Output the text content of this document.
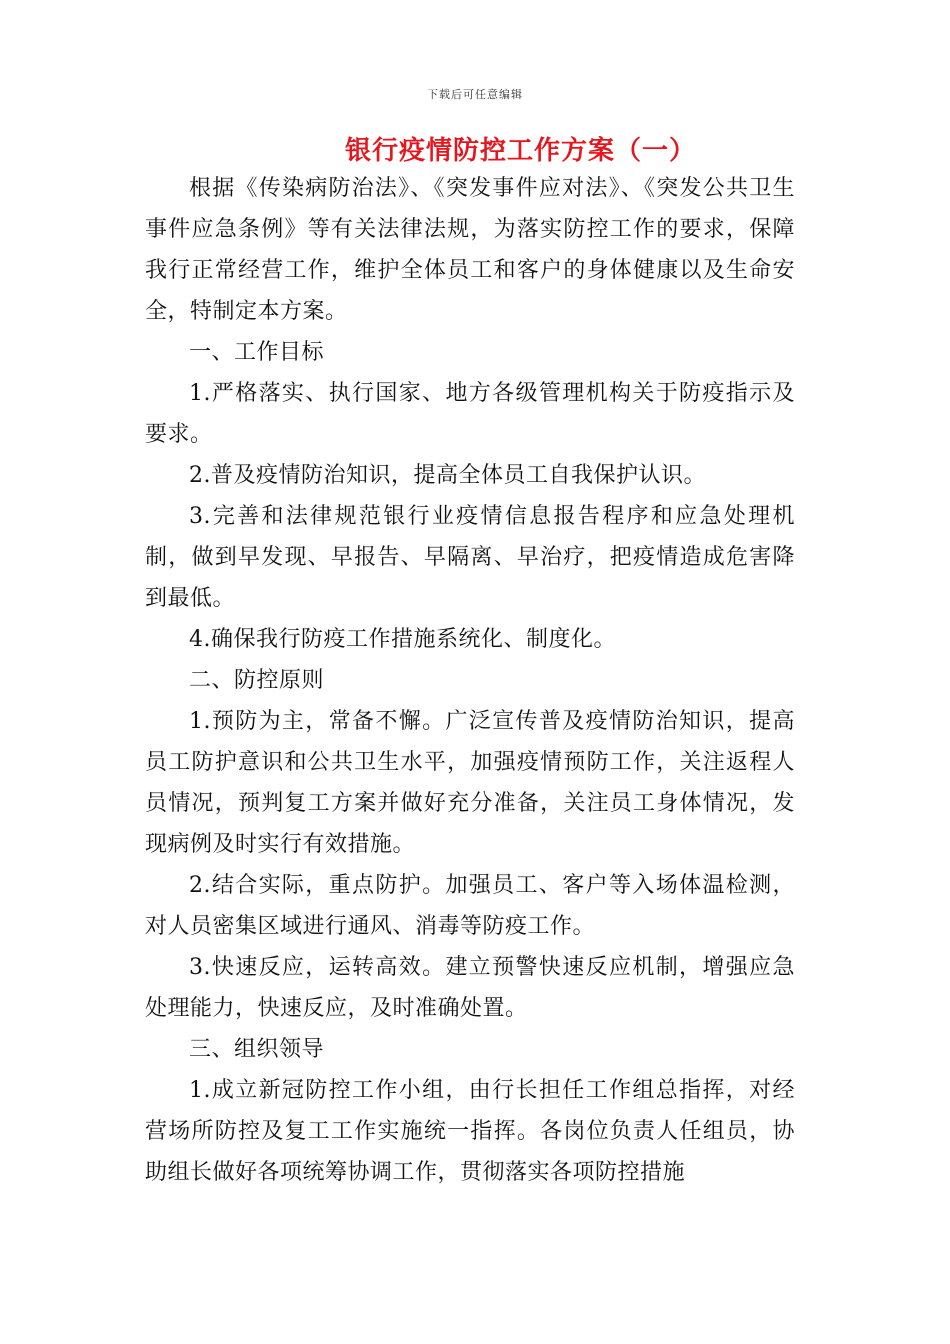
下载后可任意编辑
银行疫情防控工作方案（一）

根据《传染病防治法》、《突发事件应对法》、《突发公共卫生事件应急条例》等有关法律法规，为落实防控工作的要求，保障我行正常经营工作，维护全体员工和客户的身体健康以及生命安全，特制定本方案。

一、工作目标

1.严格落实、执行国家、地方各级管理机构关于防疫指示及要求。

2.普及疫情防治知识，提高全体员工自我保护认识。

3.完善和法律规范银行业疫情信息报告程序和应急处理机制，做到早发现、早报告、早隔离、早治疗，把疫情造成危害降到最低。

4.确保我行防疫工作措施系统化、制度化。

二、防控原则

1.预防为主，常备不懈。广泛宣传普及疫情防治知识，提高员工防护意识和公共卫生水平，加强疫情预防工作，关注返程人员情况，预判复工方案并做好充分准备，关注员工身体情况，发现病例及时实行有效措施。

2.结合实际，重点防护。加强员工、客户等入场体温检测，对人员密集区域进行通风、消毒等防疫工作。

3.快速反应，运转高效。建立预警快速反应机制，增强应急处理能力，快速反应，及时准确处置。

三、组织领导

1.成立新冠防控工作小组，由行长担任工作组总指挥，对经营场所防控及复工工作实施统一指挥。各岗位负责人任组员，协助组长做好各项统筹协调工作，贯彻落实各项防控措施
